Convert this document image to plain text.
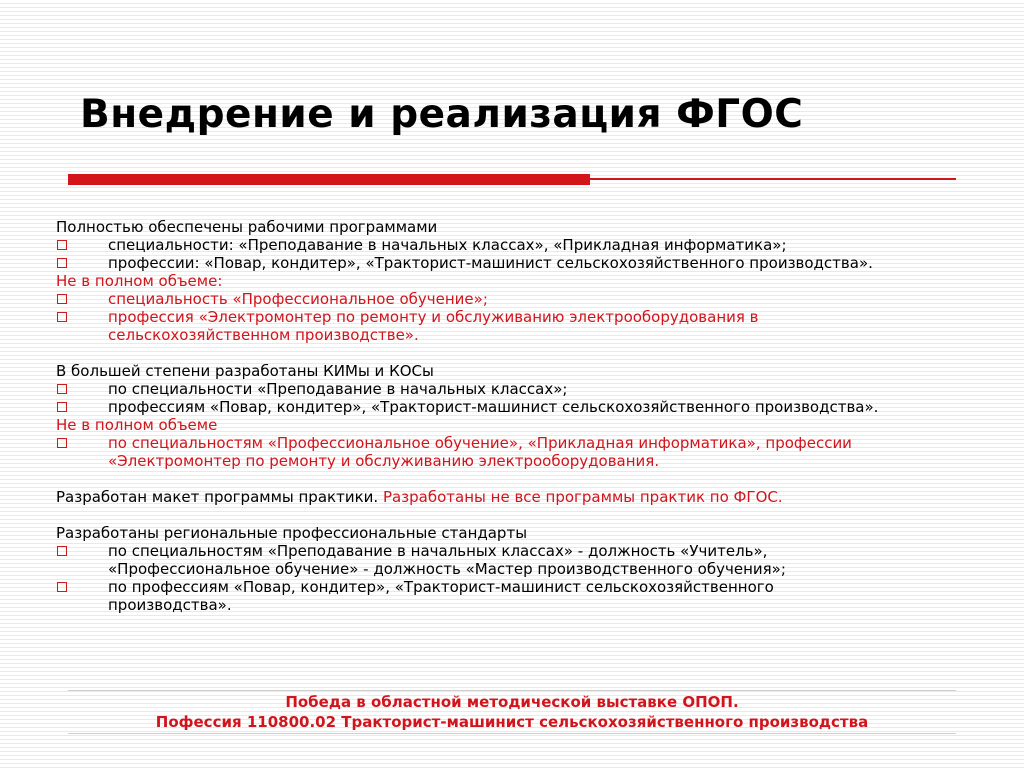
Внедрение и реализация ФГОС

Полностью обеспечены рабочими программами

специальности: «Преподавание в начальных классах», «Прикладная информатика»;

профессии: «Повар, кондитер», «Тракторист-машинист сельскохозяйственного производства».

Не в полном объеме:

специальность «Профессиональное обучение»;

профессия «Электромонтер по ремонту и обслуживанию электрооборудования в
сельскохозяйственном производстве».

В большей степени разработаны КИМы и КОСы

по специальности «Преподавание в начальных классах»;

профессиям «Повар, кондитер», «Тракторист-машинист сельскохозяйственного производства».

Не в полном объеме

по специальностям «Профессиональное обучение», «Прикладная информатика», профессии
«Электромонтер по ремонту и обслуживанию электрооборудования.

Разработан макет программы практики. Разработаны не все программы практик по ФГОС.

Разработаны региональные профессиональные стандарты

по специальностям «Преподавание в начальных классах» - должность «Учитель»,
«Профессиональное обучение» - должность «Мастер производственного обучения»;

по профессиям «Повар, кондитер», «Тракторист-машинист сельскохозяйственного
производства».

Победа в областной методической выставке ОПОП.
Пофессия 110800.02 Тракторист-машинист сельскохозяйственного производства
